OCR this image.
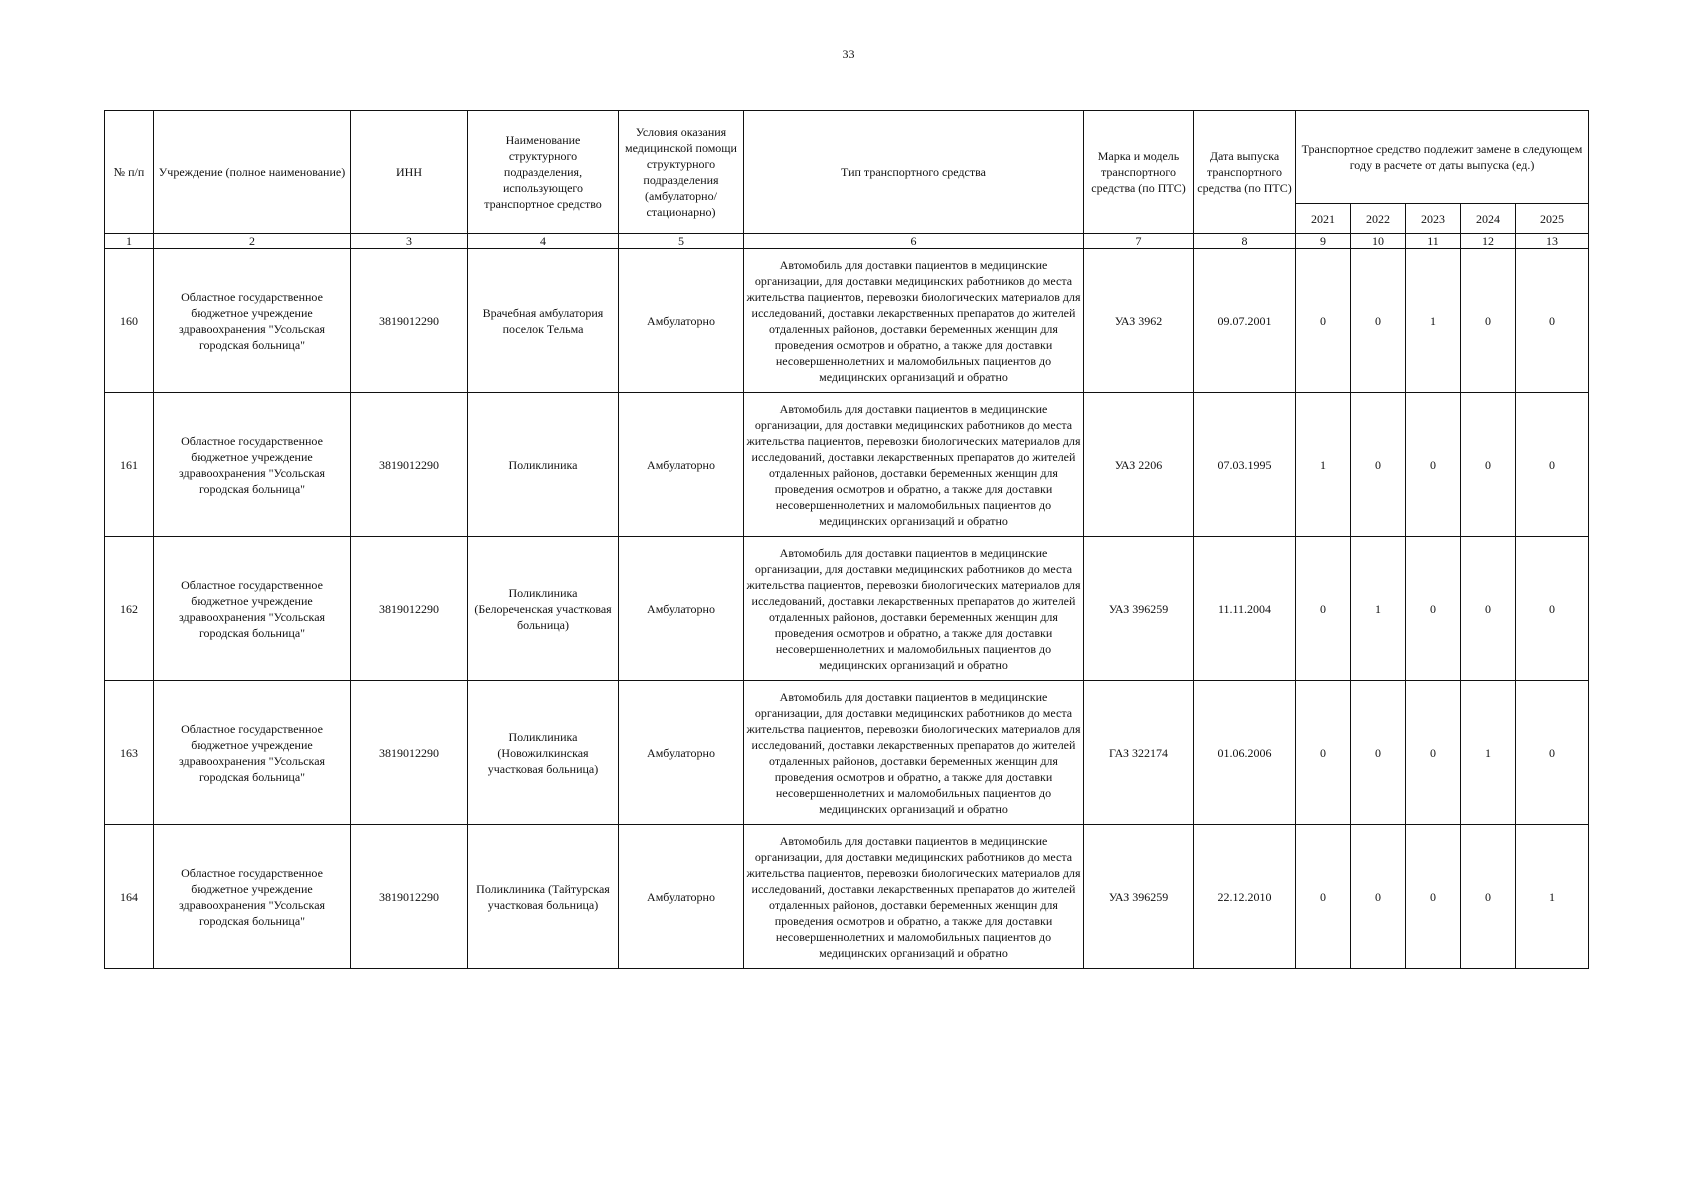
33
№ п/п	Учреждение (полное наименование)	ИНН	Наименование структурного подразделения, использующего транспортное средство	Условия оказания медицинской помощи структурного подразделения (амбулаторно/ стационарно)	Тип транспортного средства	Марка и модель транспортного средства (по ПТС)	Дата выпуска транспортного средства (по ПТС)	Транспортное средство подлежит замене в следующем году в расчете от даты выпуска (ед.)				
								2021	2022	2023	2024	2025
1	2	3	4	5	6	7	8	9	10	11	12	13
160	Областное государственное бюджетное учреждение здравоохранения "Усольская городская больница"	3819012290	Врачебная амбулатория поселок Тельма	Амбулаторно	Автомобиль для доставки пациентов в медицинские организации, для доставки медицинских работников до места жительства пациентов, перевозки биологических материалов для исследований, доставки лекарственных препаратов до жителей отдаленных районов, доставки беременных женщин для проведения осмотров и обратно, а также для доставки несовершеннолетних и маломобильных пациентов до медицинских организаций и обратно	УАЗ 3962	09.07.2001	0	0	1	0	0
161	Областное государственное бюджетное учреждение здравоохранения "Усольская городская больница"	3819012290	Поликлиника	Амбулаторно	Автомобиль для доставки пациентов в медицинские организации, для доставки медицинских работников до места жительства пациентов, перевозки биологических материалов для исследований, доставки лекарственных препаратов до жителей отдаленных районов, доставки беременных женщин для проведения осмотров и обратно, а также для доставки несовершеннолетних и маломобильных пациентов до медицинских организаций и обратно	УАЗ 2206	07.03.1995	1	0	0	0	0
162	Областное государственное бюджетное учреждение здравоохранения "Усольская городская больница"	3819012290	Поликлиника (Белореченская участковая больница)	Амбулаторно	Автомобиль для доставки пациентов в медицинские организации, для доставки медицинских работников до места жительства пациентов, перевозки биологических материалов для исследований, доставки лекарственных препаратов до жителей отдаленных районов, доставки беременных женщин для проведения осмотров и обратно, а также для доставки несовершеннолетних и маломобильных пациентов до медицинских организаций и обратно	УАЗ 396259	11.11.2004	0	1	0	0	0
163	Областное государственное бюджетное учреждение здравоохранения "Усольская городская больница"	3819012290	Поликлиника (Новожилкинская участковая больница)	Амбулаторно	Автомобиль для доставки пациентов в медицинские организации, для доставки медицинских работников до места жительства пациентов, перевозки биологических материалов для исследований, доставки лекарственных препаратов до жителей отдаленных районов, доставки беременных женщин для проведения осмотров и обратно, а также для доставки несовершеннолетних и маломобильных пациентов до медицинских организаций и обратно	ГАЗ 322174	01.06.2006	0	0	0	1	0
164	Областное государственное бюджетное учреждение здравоохранения "Усольская городская больница"	3819012290	Поликлиника (Тайтурская участковая больница)	Амбулаторно	Автомобиль для доставки пациентов в медицинские организации, для доставки медицинских работников до места жительства пациентов, перевозки биологических материалов для исследований, доставки лекарственных препаратов до жителей отдаленных районов, доставки беременных женщин для проведения осмотров и обратно, а также для доставки несовершеннолетних и маломобильных пациентов до медицинских организаций и обратно	УАЗ 396259	22.12.2010	0	0	0	0	1
